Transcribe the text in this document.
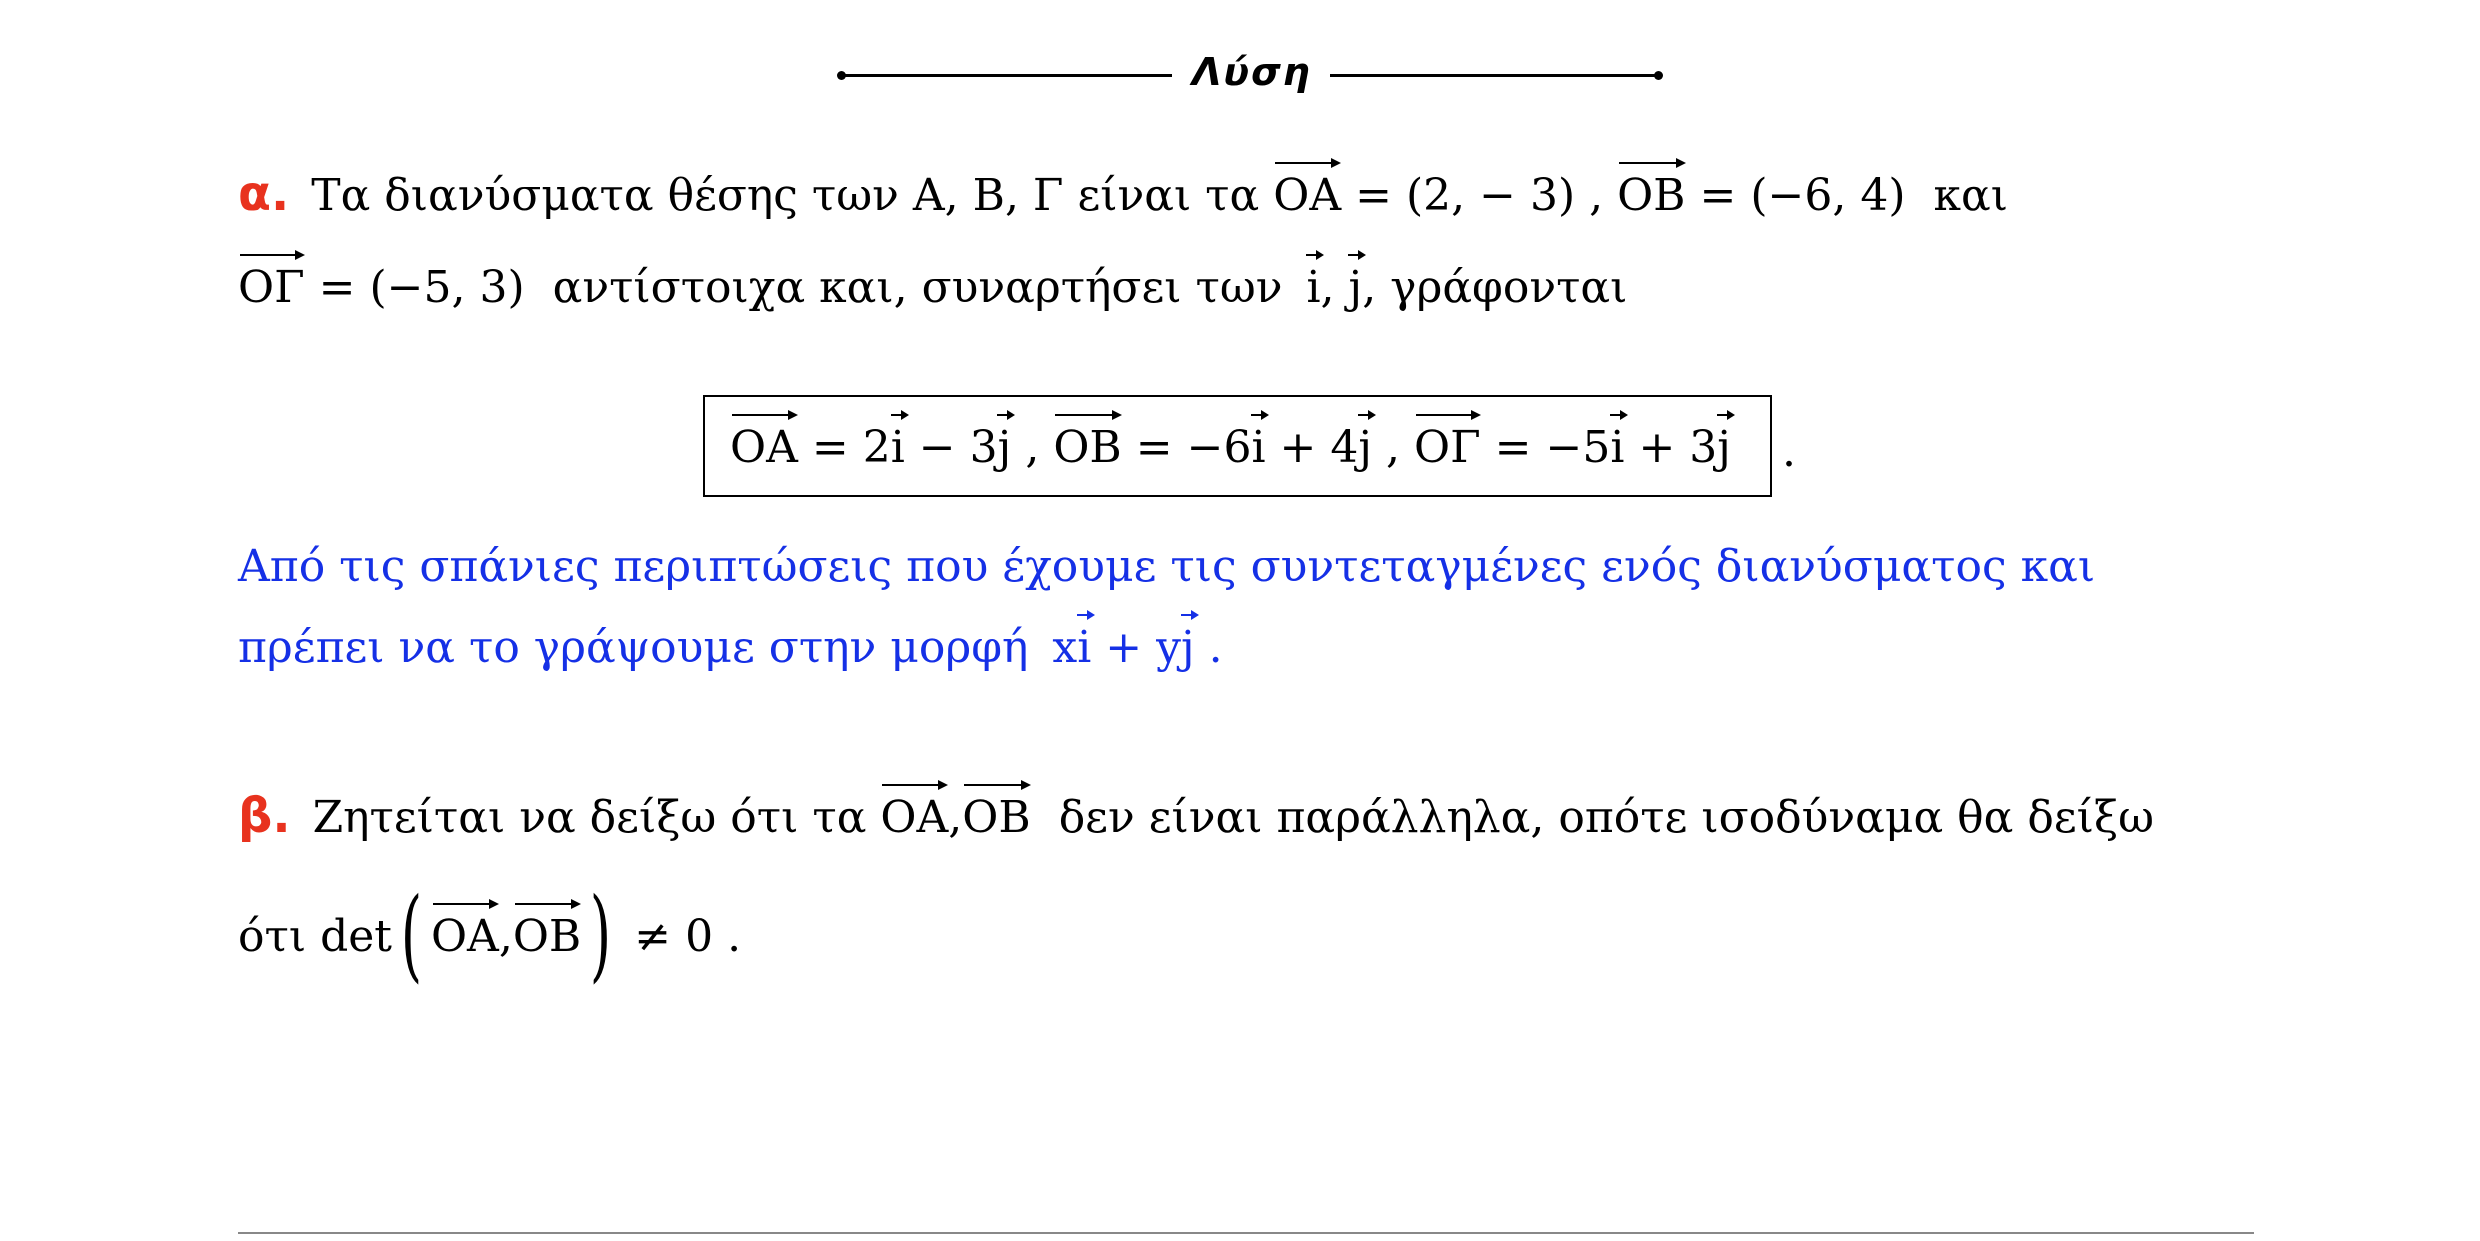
Λύση
α. Τα διανύσματα θέσης των Α, Β, Γ είναι τα ΟΑ = (2, − 3) , ΟΒ = (−6, 4) και
ΟΓ = (−5, 3) αντίστοιχα και, συναρτήσει των i, j, γράφονται
ΟΑ = 2i − 3j , ΟΒ = −6i + 4j , ΟΓ = −5i + 3j .
Από τις σπάνιες περιπτώσεις που έχουμε τις συντεταγμένες ενός διανύσματος και
πρέπει να το γράψουμε στην μορφή xi + yj .
β. Ζητείται να δείξω ότι τα ΟΑ,ΟΒ δεν είναι παράλληλα, οπότε ισοδύναμα θα δείξω
ότι det( ΟΑ,ΟΒ) ≠ 0 .
